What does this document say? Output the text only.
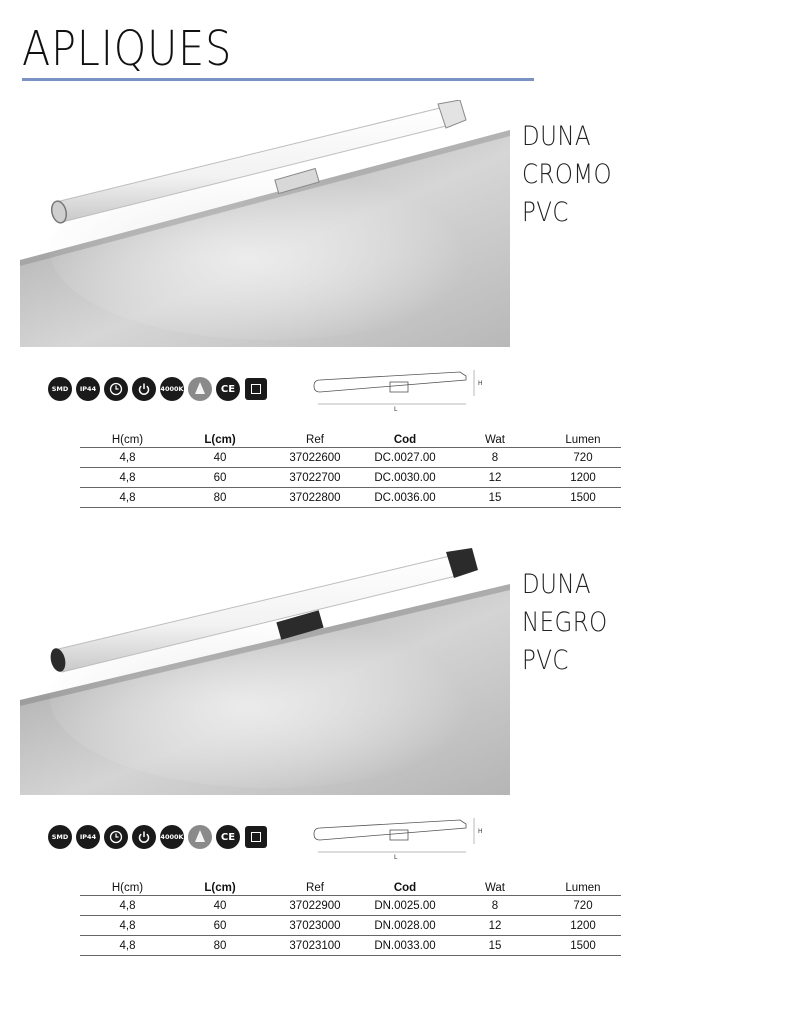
APLIQUES
DUNA
CROMO
PVC
SMD IP44	4000K	CE	H
L
H(cm)	L(cm)	Ref	Cod	Wat	Lumen
4,8	40	37022600	DC.0027.00	8	720
4,8	60	37022700	DC.0030.00	12	1200
4,8	80	37022800	DC.0036.00	15	1500
DUNA
NEGRO
PVC
SMD IP44	4000K	CE	H
L
H(cm)	L(cm)	Ref	Cod	Wat	Lumen
4,8	40	37022900	DN.0025.00	8	720
4,8	60	37023000	DN.0028.00	12	1200
4,8	80	37023100	DN.0033.00	15	1500
